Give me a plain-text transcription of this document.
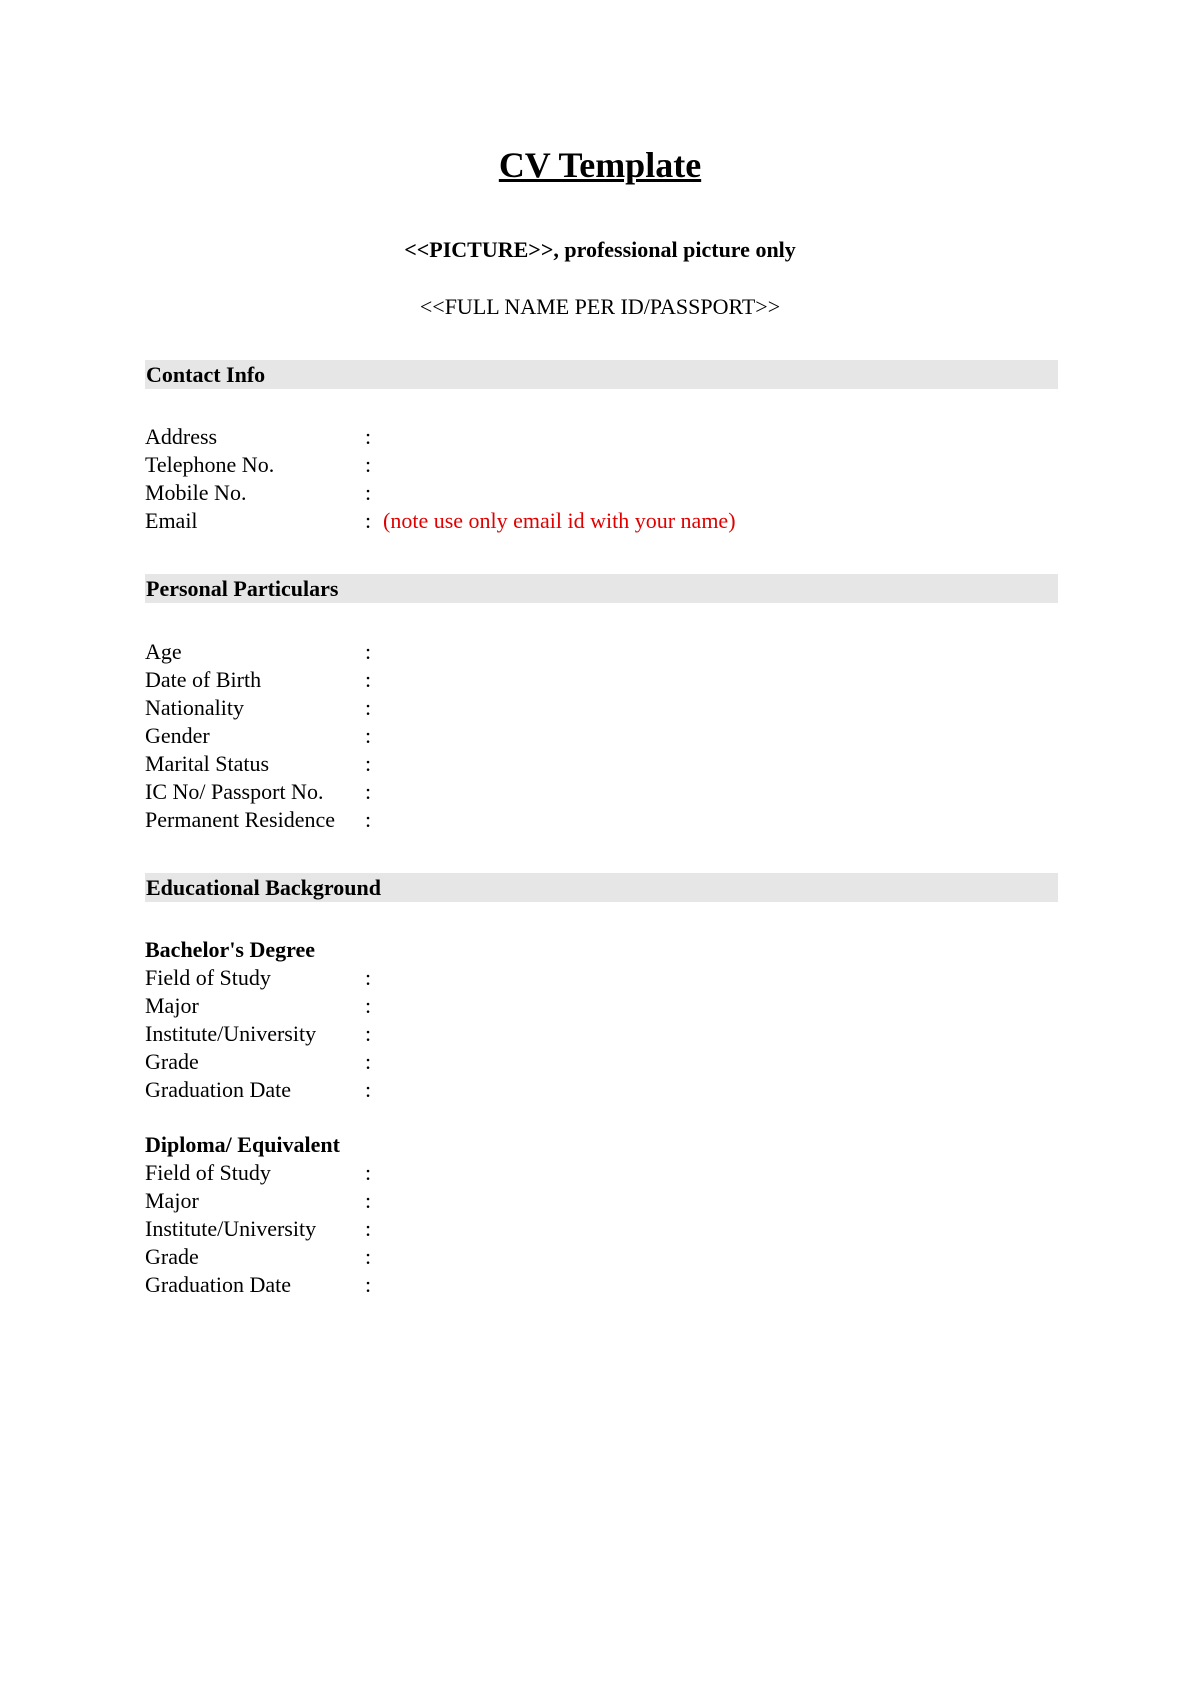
CV Template
<<PICTURE>>, professional picture only
<<FULL NAME PER ID/PASSPORT>>
Contact Info
Address	:
Telephone No.	:
Mobile No.	:
Email	: (note use only email id with your name)
Personal Particulars
Age	:
Date of Birth	:
Nationality	:
Gender	:
Marital Status	:
IC No/ Passport No. :
Permanent Residence :
Educational Background
Bachelor's Degree
Field of Study	:
Major	:
Institute/University :
Grade	:
Graduation Date	:
Diploma/ Equivalent
Field of Study	:
Major	:
Institute/University :
Grade	:
Graduation Date	:
